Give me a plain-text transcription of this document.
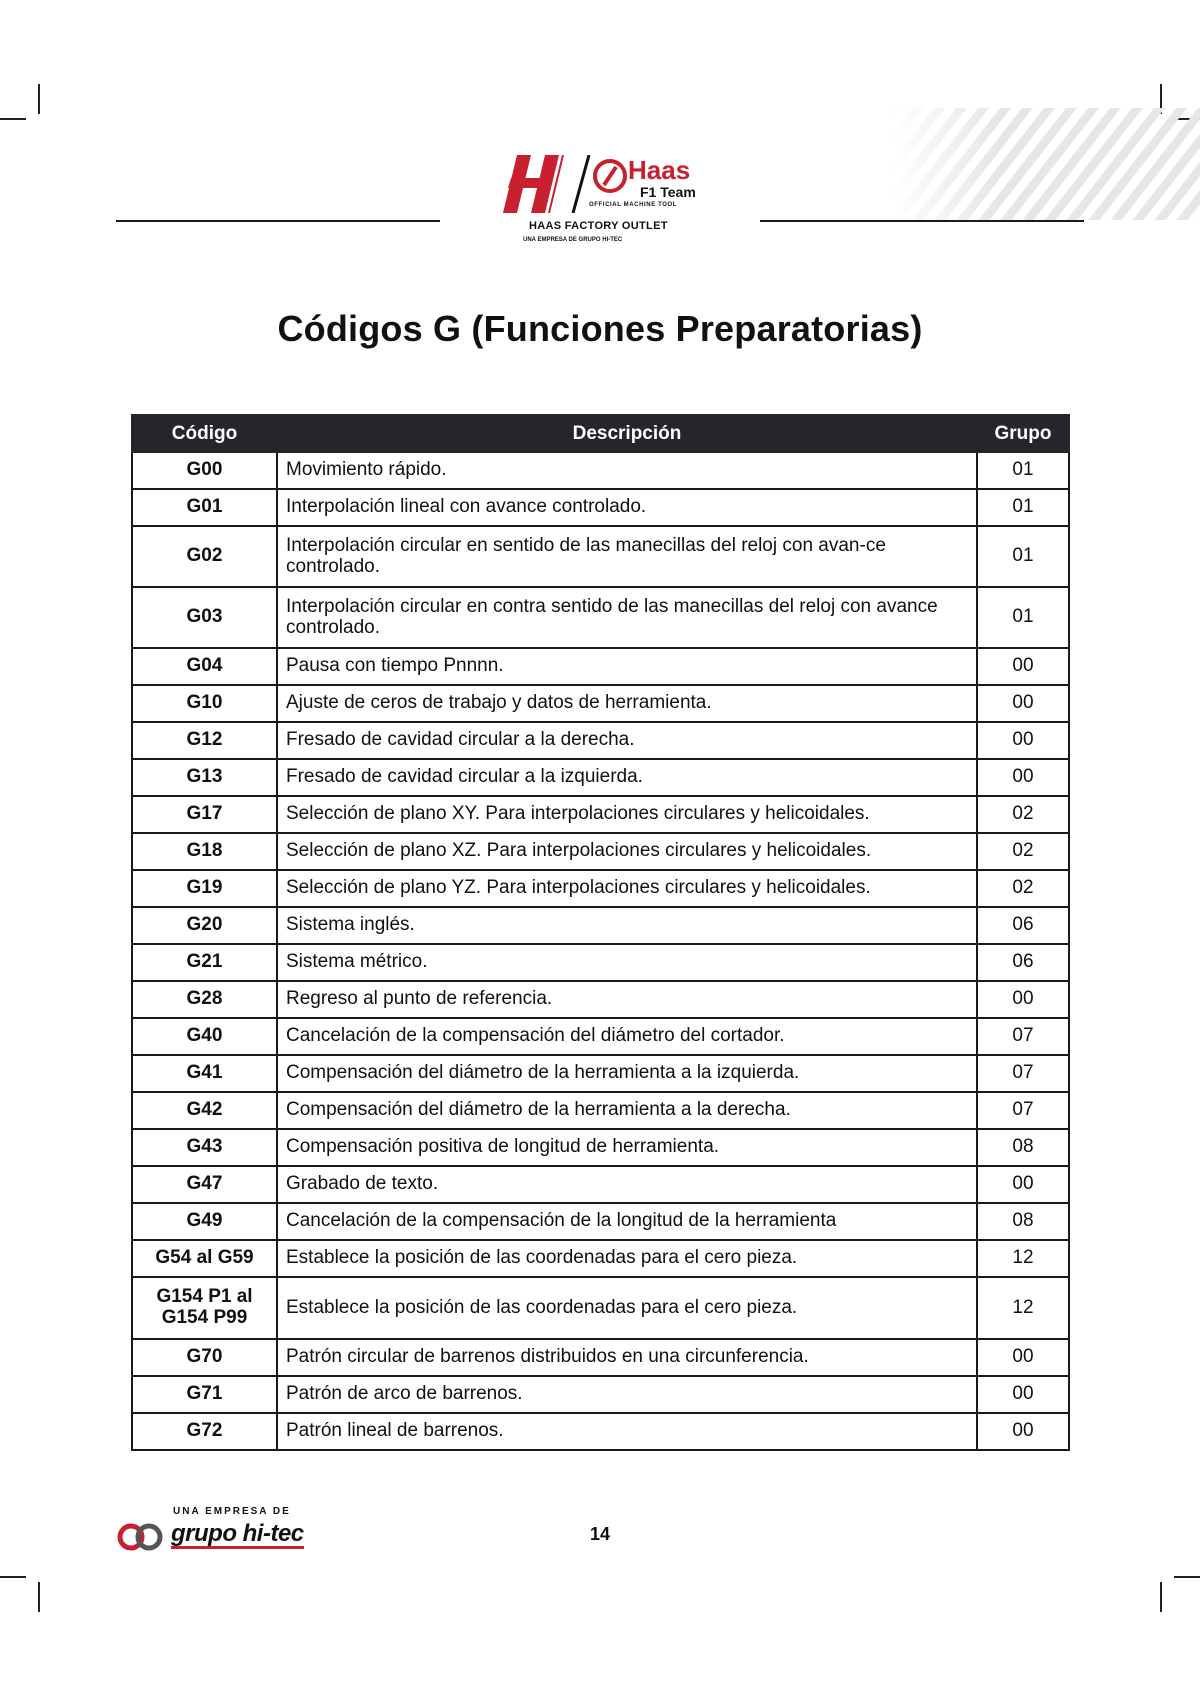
Haas
F1 Team
OFFICIAL MACHINE TOOL
HAAS FACTORY OUTLET
UNA EMPRESA DE GRUPO HI-TEC
Códigos G (Funciones Preparatorias)
Código	Descripción	Grupo
G00	Movimiento rápido.	01
G01	Interpolación lineal con avance controlado.	01
G02	Interpolación circular en sentido de las manecillas del reloj con avan-ce controlado.	01
G03	Interpolación circular en contra sentido de las manecillas del reloj con avance controlado.	01
G04	Pausa con tiempo Pnnnn.	00
G10	Ajuste de ceros de trabajo y datos de herramienta.	00
G12	Fresado de cavidad circular a la derecha.	00
G13	Fresado de cavidad circular a la izquierda.	00
G17	Selección de plano XY. Para interpolaciones circulares y helicoidales.	02
G18	Selección de plano XZ. Para interpolaciones circulares y helicoidales.	02
G19	Selección de plano YZ. Para interpolaciones circulares y helicoidales.	02
G20	Sistema inglés.	06
G21	Sistema métrico.	06
G28	Regreso al punto de referencia.	00
G40	Cancelación de la compensación del diámetro del cortador.	07
G41	Compensación del diámetro de la herramienta a la izquierda.	07
G42	Compensación del diámetro de la herramienta a la derecha.	07
G43	Compensación positiva de longitud de herramienta.	08
G47	Grabado de texto.	00
G49	Cancelación de la compensación de la longitud de la herramienta	08
G54 al G59	Establece la posición de las coordenadas para el cero pieza.	12
G154 P1 al G154 P99	Establece la posición de las coordenadas para el cero pieza.	12
G70	Patrón circular de barrenos distribuidos en una circunferencia.	00
G71	Patrón de arco de barrenos.	00
G72	Patrón lineal de barrenos.	00
UNA EMPRESA DE
grupo hi-tec	14
